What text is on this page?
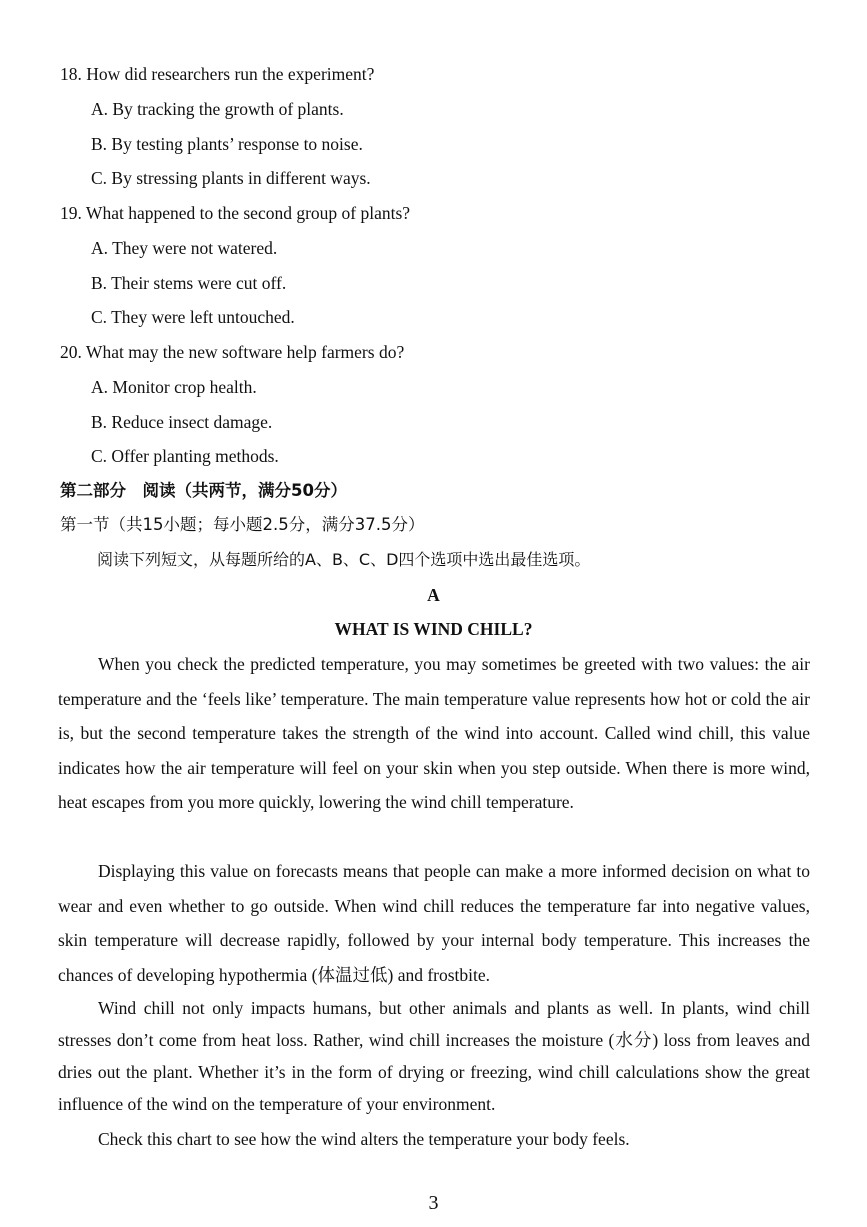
18. How did researchers run the experiment?
A. By tracking the growth of plants.
B. By testing plants’ response to noise.
C. By stressing plants in different ways.
19. What happened to the second group of plants?
A. They were not watered.
B. Their stems were cut off.
C. They were left untouched.
20. What may the new software help farmers do?
A. Monitor crop health.
B. Reduce insect damage.
C. Offer planting methods.
第二部分　阅读（共两节，满分50分）
第一节（共15小题；每小题2.5分，满分37.5分）
阅读下列短文，从每题所给的A、B、C、D四个选项中选出最佳选项。
A
WHAT IS WIND CHILL?
When you check the predicted temperature, you may sometimes be greeted with two values: the air temperature and the ‘feels like’ temperature. The main temperature value represents how hot or cold the air is, but the second temperature takes the strength of the wind into account. Called wind chill, this value indicates how the air temperature will feel on your skin when you step outside. When there is more wind, heat escapes from you more quickly, lowering the wind chill temperature.
Displaying this value on forecasts means that people can make a more informed decision on what to wear and even whether to go outside. When wind chill reduces the temperature far into negative values, skin temperature will decrease rapidly, followed by your internal body temperature. This increases the chances of developing hypothermia (体温过低) and frostbite.
Wind chill not only impacts humans, but other animals and plants as well. In plants, wind chill stresses don’t come from heat loss. Rather, wind chill increases the moisture (水分) loss from leaves and dries out the plant. Whether it’s in the form of drying or freezing, wind chill calculations show the great influence of the wind on the temperature of your environment.
Check this chart to see how the wind alters the temperature your body feels.
3
